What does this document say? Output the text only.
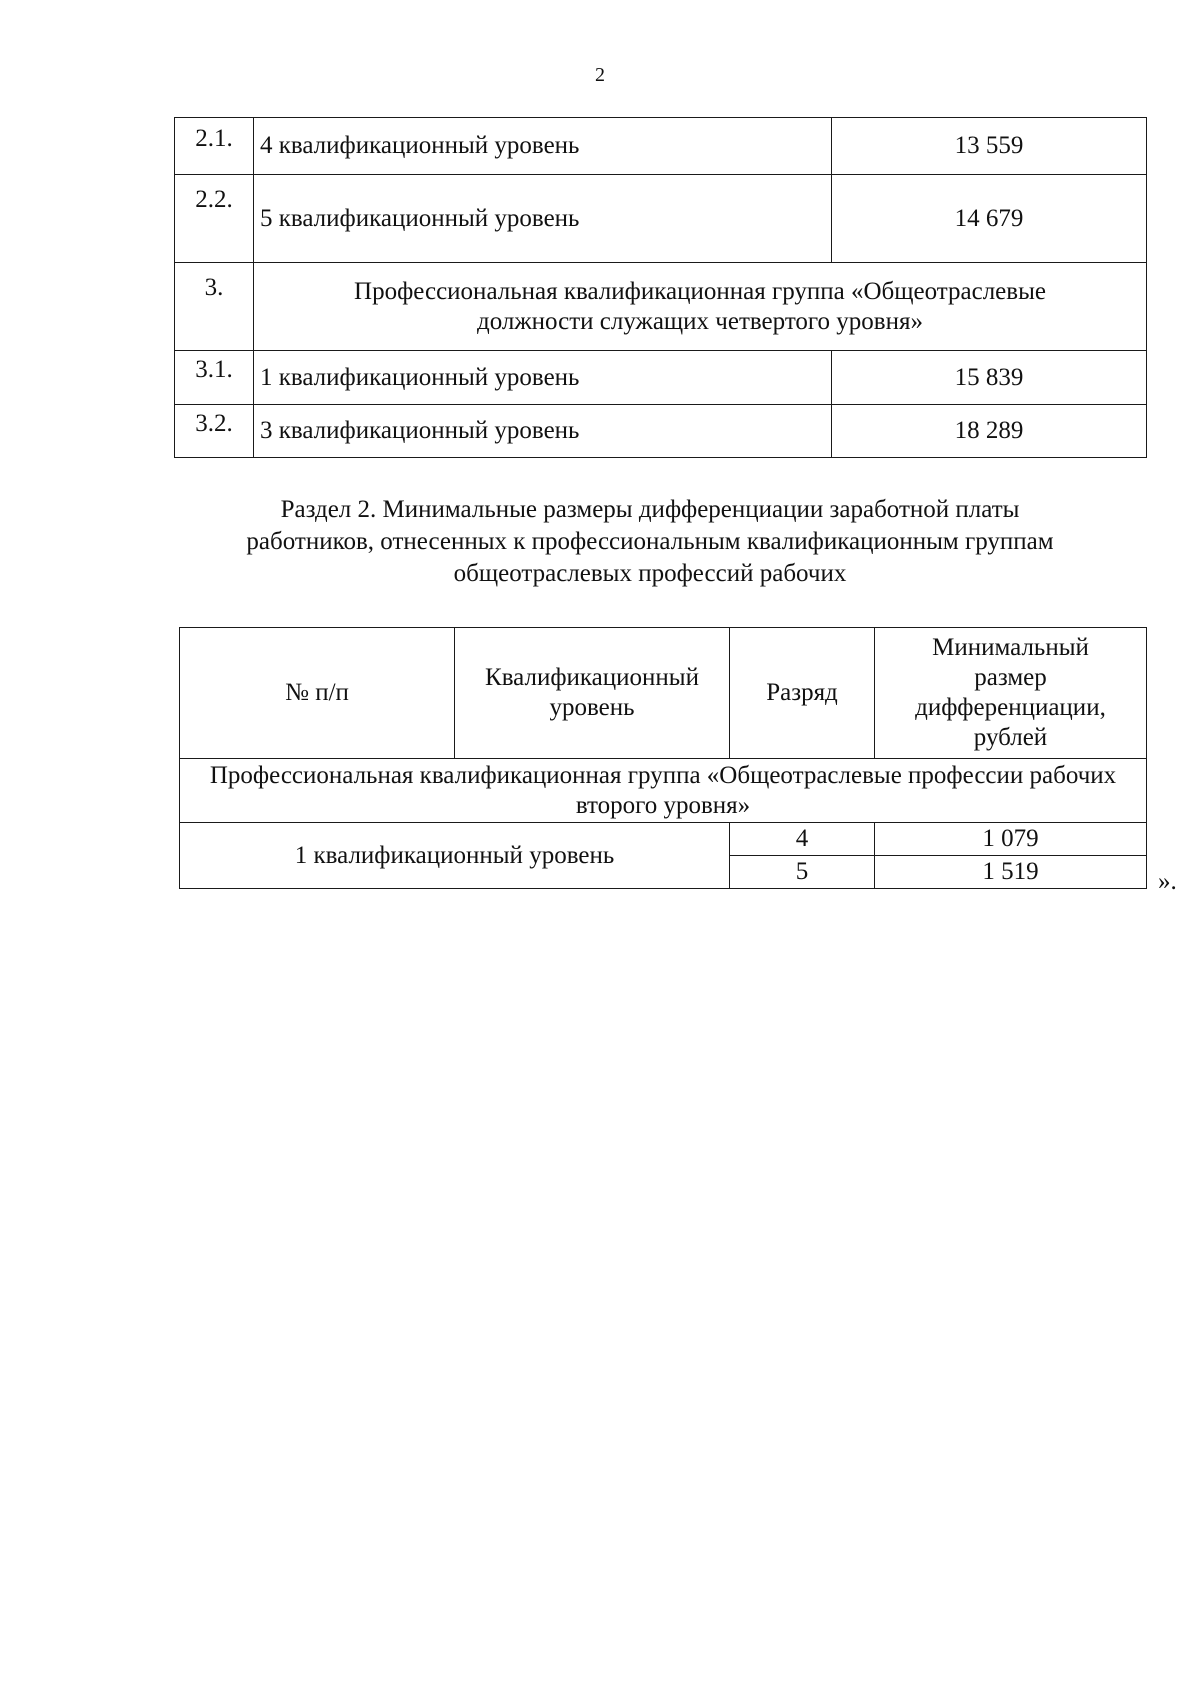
2
2.1.	4 квалификационный уровень	13 559
2.2.	5 квалификационный уровень	14 679
3.	Профессиональная квалификационная группа «Общеотраслевые должности служащих четвертого уровня»	
3.1.	1 квалификационный уровень	15 839
3.2.	3 квалификационный уровень	18 289
Раздел 2. Минимальные размеры дифференциации заработной платы
работников, отнесенных к профессиональным квалификационным группам
общеотраслевых профессий рабочих
№ п/п	Квалификационный уровень	Разряд	Минимальный размер дифференциации, рублей
Профессиональная квалификационная группа «Общеотраслевые профессии рабочих второго уровня»			
1 квалификационный уровень		4	1 079
		5	1 519	».
